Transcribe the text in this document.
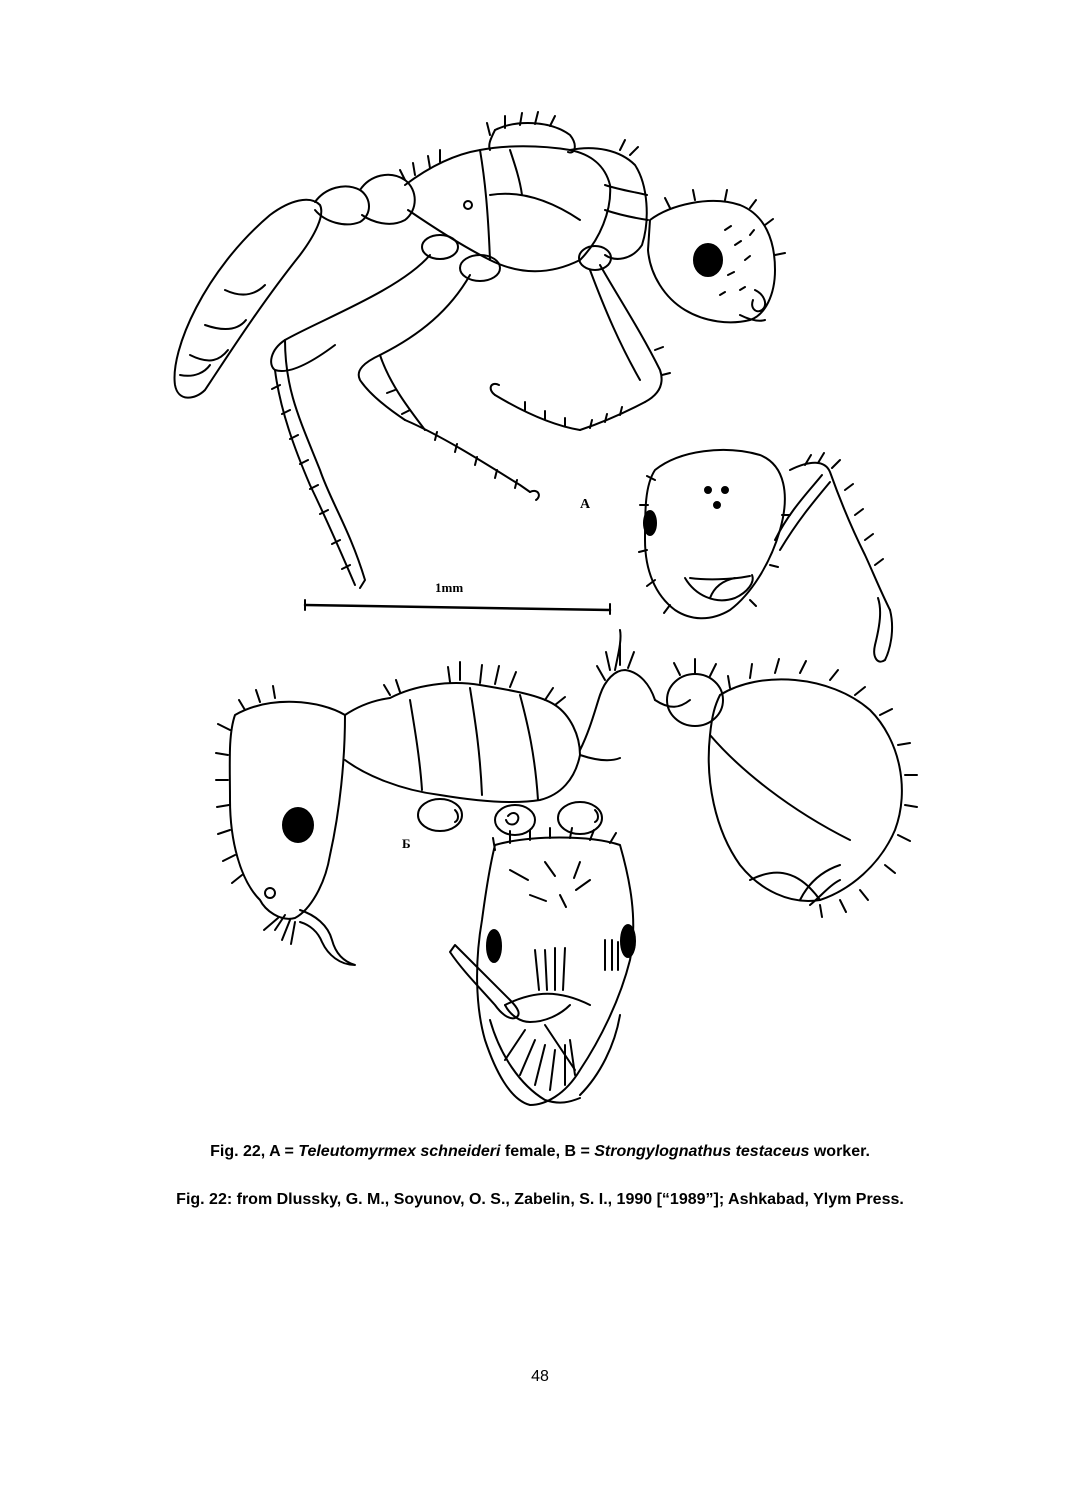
A
1mm
Б
Fig. 22, A = Teleutomyrmex schneideri female, B = Strongylognathus testaceus worker.
Fig. 22: from Dlussky, G. M., Soyunov, O. S., Zabelin, S. I., 1990 [“1989”]; Ashkabad, Ylym Press.
48
